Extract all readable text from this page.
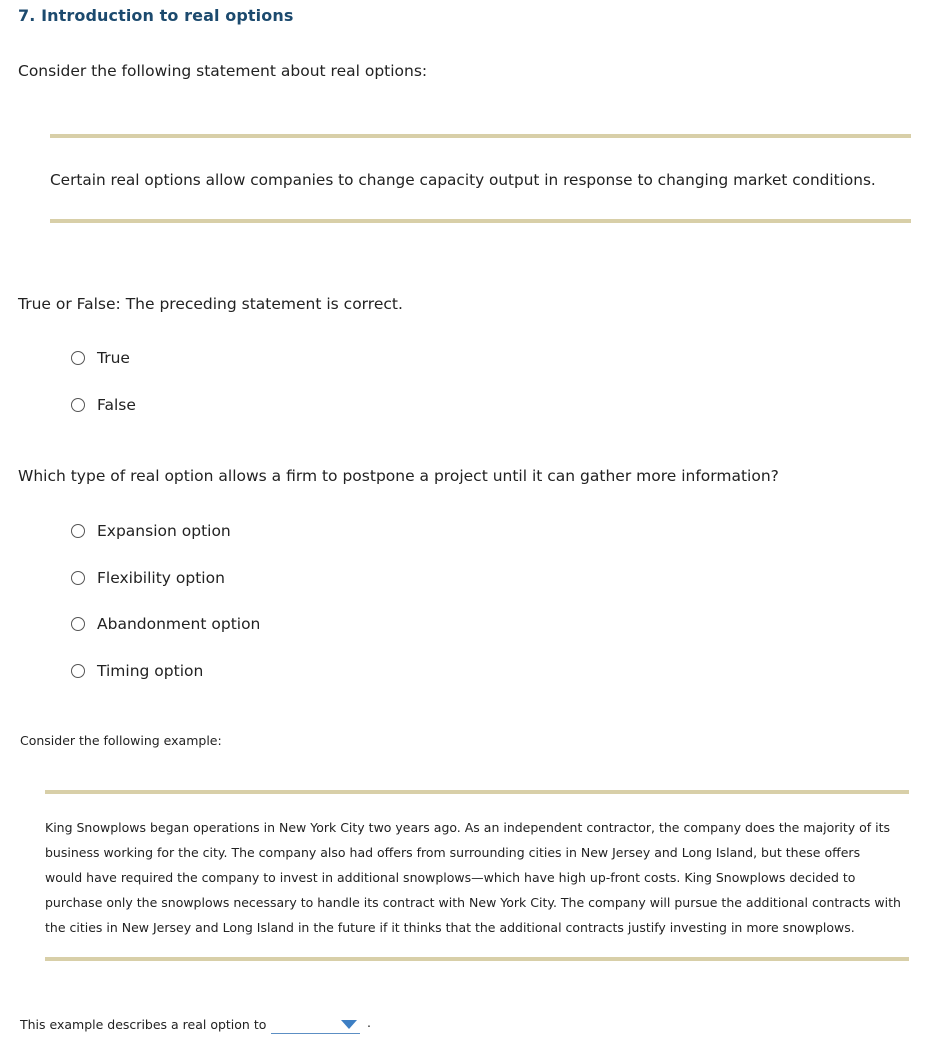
7. Introduction to real options
Consider the following statement about real options:
Certain real options allow companies to change capacity output in response to changing market conditions.
True or False: The preceding statement is correct.
True
False
Which type of real option allows a firm to postpone a project until it can gather more information?
Expansion option
Flexibility option
Abandonment option
Timing option
Consider the following example:
King Snowplows began operations in New York City two years ago. As an independent contractor, the company does the majority of its
business working for the city. The company also had offers from surrounding cities in New Jersey and Long Island, but these offers
would have required the company to invest in additional snowplows—which have high up-front costs. King Snowplows decided to
purchase only the snowplows necessary to handle its contract with New York City. The company will pursue the additional contracts with
the cities in New Jersey and Long Island in the future if it thinks that the additional contracts justify investing in more snowplows.
This example describes a real option to	.
